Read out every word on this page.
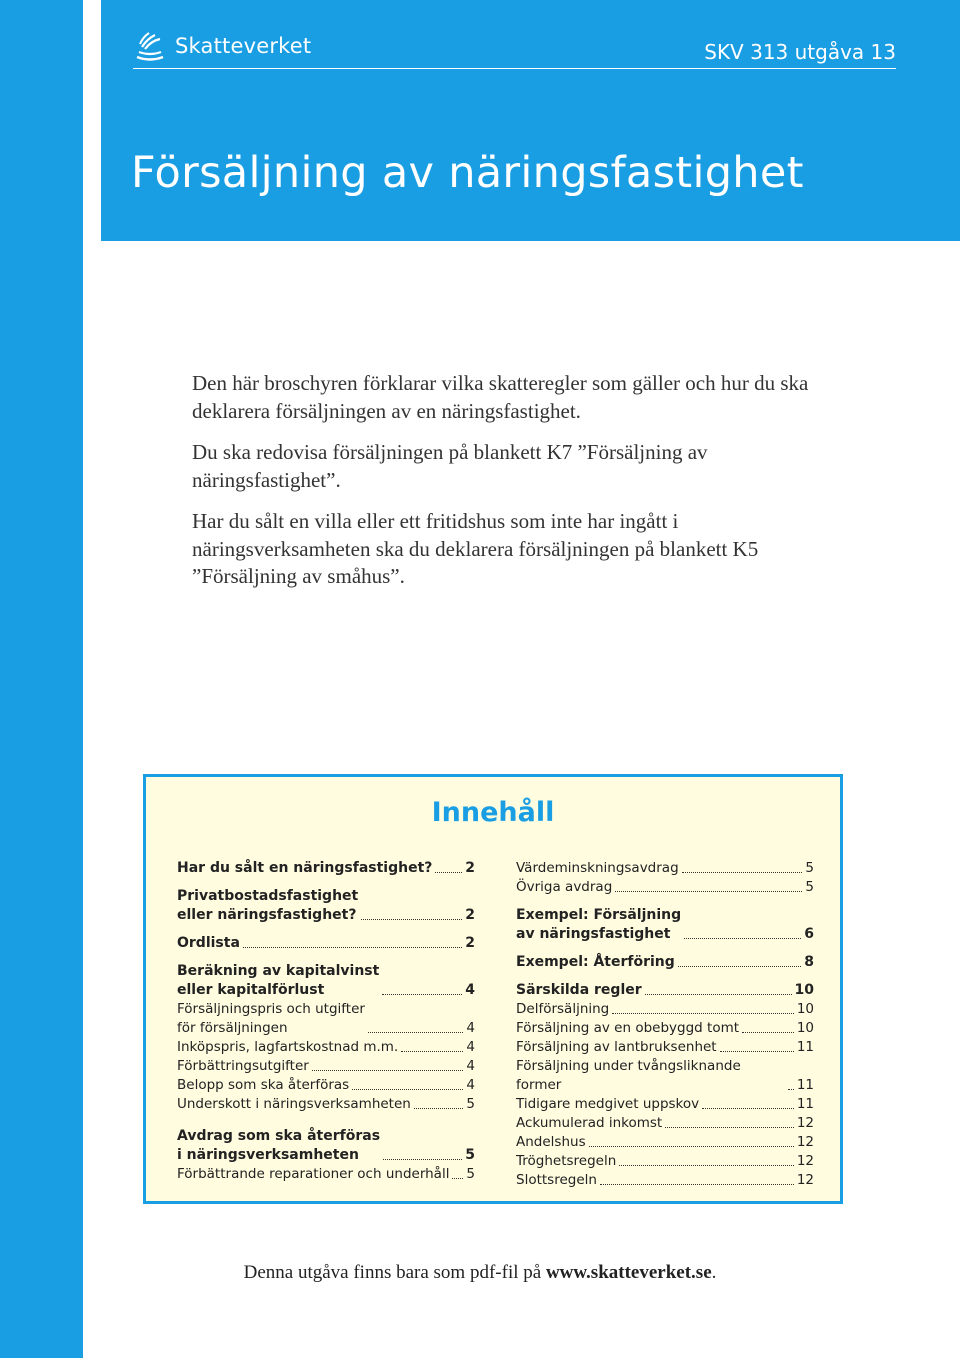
Skatteverket	SKV 313 utgåva 13
Försäljning av näringsfastighet

Den här broschyren förklarar vilka skatteregler som gäller och hur du ska deklarera försäljningen av en näringsfastighet.

Du ska redovisa försäljningen på blankett K7 ”Försäljning av näringsfastighet”.

Har du sålt en villa eller ett fritidshus som inte har ingått i näringsverksamheten ska du deklarera försäljningen på blankett K5 ”Försäljning av småhus”.

Innehåll
Har du sålt en näringsfastighet? 2
Privatbostadsfastighet
eller näringsfastighet?	2
Ordlista	2
Beräkning av kapitalvinst
eller kapitalförlust	4
Försäljningspris och utgifter
för försäljningen	4
Inköpspris, lagfartskostnad m.m.	4
Förbättringsutgifter	4
Belopp som ska återföras	4
Underskott i näringsverksamheten	5
Avdrag som ska återföras
i näringsverksamheten	5
Förbättrande reparationer och underhåll 5
Värdeminskningsavdrag	5
Övriga avdrag	5
Exempel: Försäljning
av näringsfastighet	6
Exempel: Återföring	8
Särskilda regler	10
Delförsäljning	10
Försäljning av en obebyggd tomt	10
Försäljning av lantbruksenhet	11
Försäljning under tvångsliknande former	11
Tidigare medgivet uppskov	11
Ackumulerad inkomst	12
Andelshus	12
Tröghetsregeln	12
Slottsregeln	12
Denna utgåva finns bara som pdf-fil på www.skatteverket.se.
